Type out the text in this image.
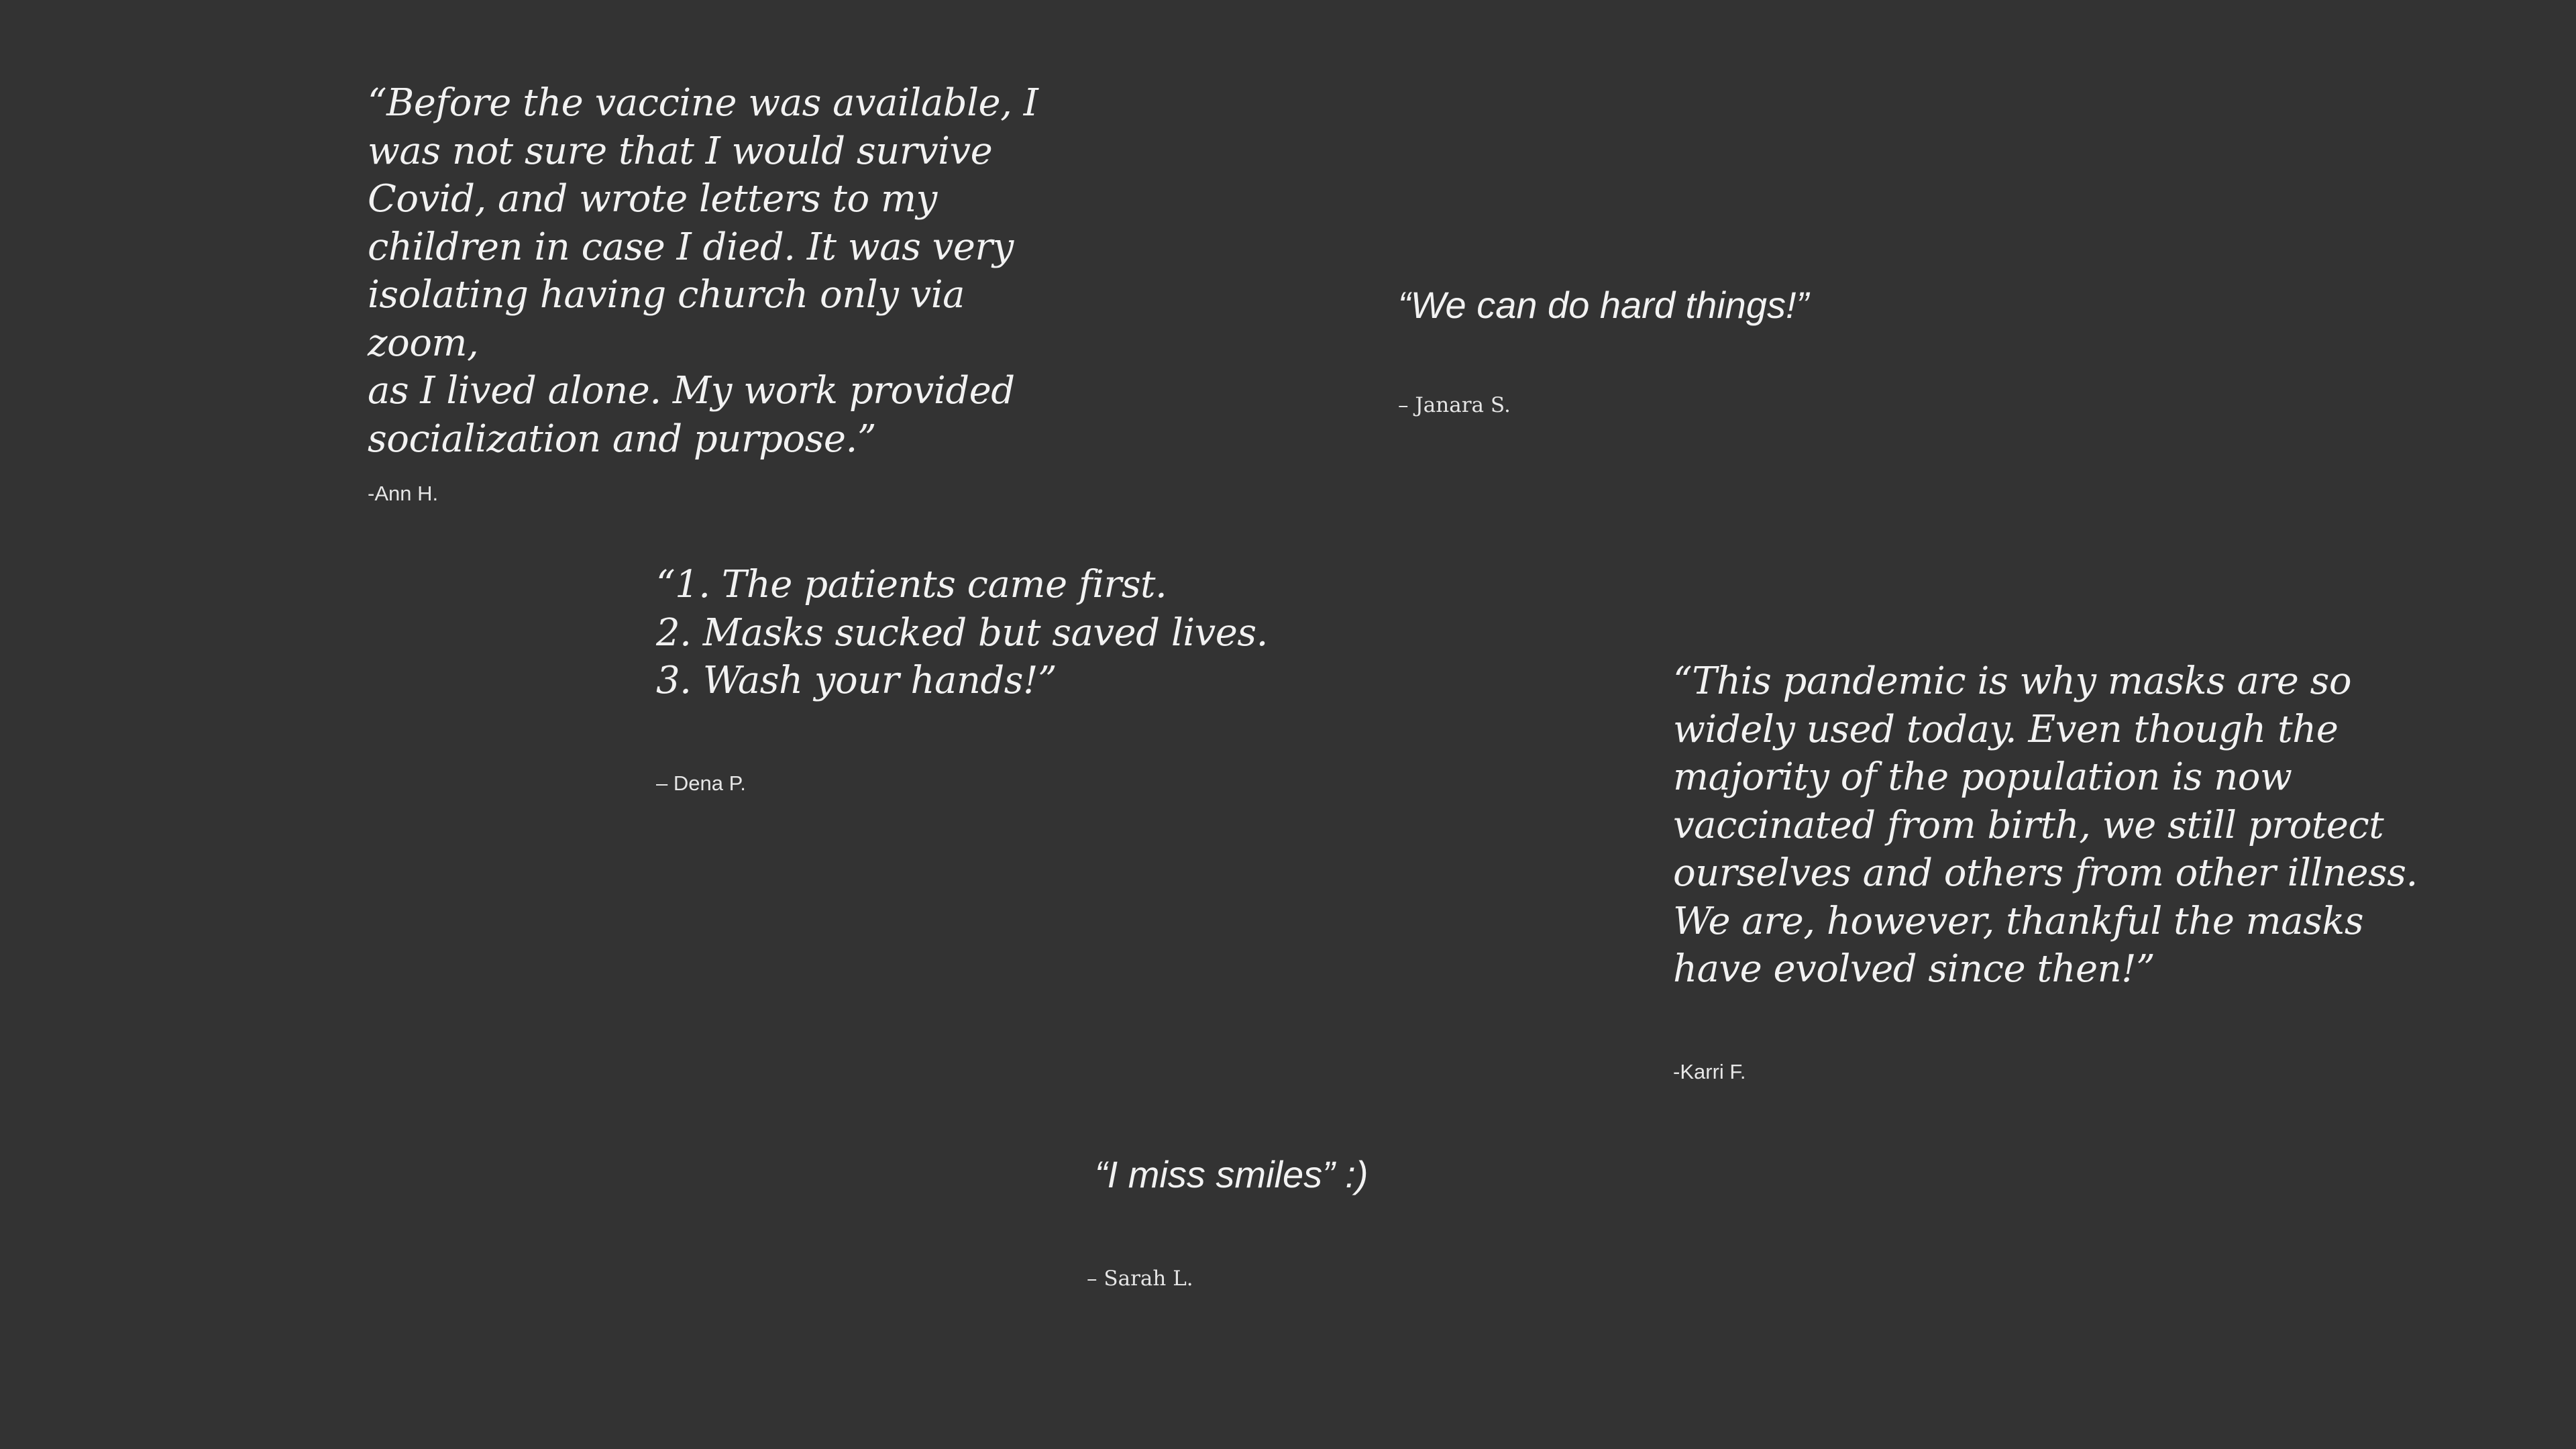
“Before the vaccine was available, I
was not sure that I would survive
Covid, and wrote letters to my
children in case I died. It was very
isolating having church only via zoom,
as I lived alone. My work provided
socialization and purpose.”

-Ann H.

“We can do hard things!”

– Janara S.

“1. The patients came first.
2. Masks sucked but saved lives.
3. Wash your hands!”

– Dena P.

“This pandemic is why masks are so
widely used today. Even though the
majority of the population is now
vaccinated from birth, we still protect
ourselves and others from other illness.
We are, however, thankful the masks
have evolved since then!”

-Karri F.

“I miss smiles” :)

– Sarah L.
